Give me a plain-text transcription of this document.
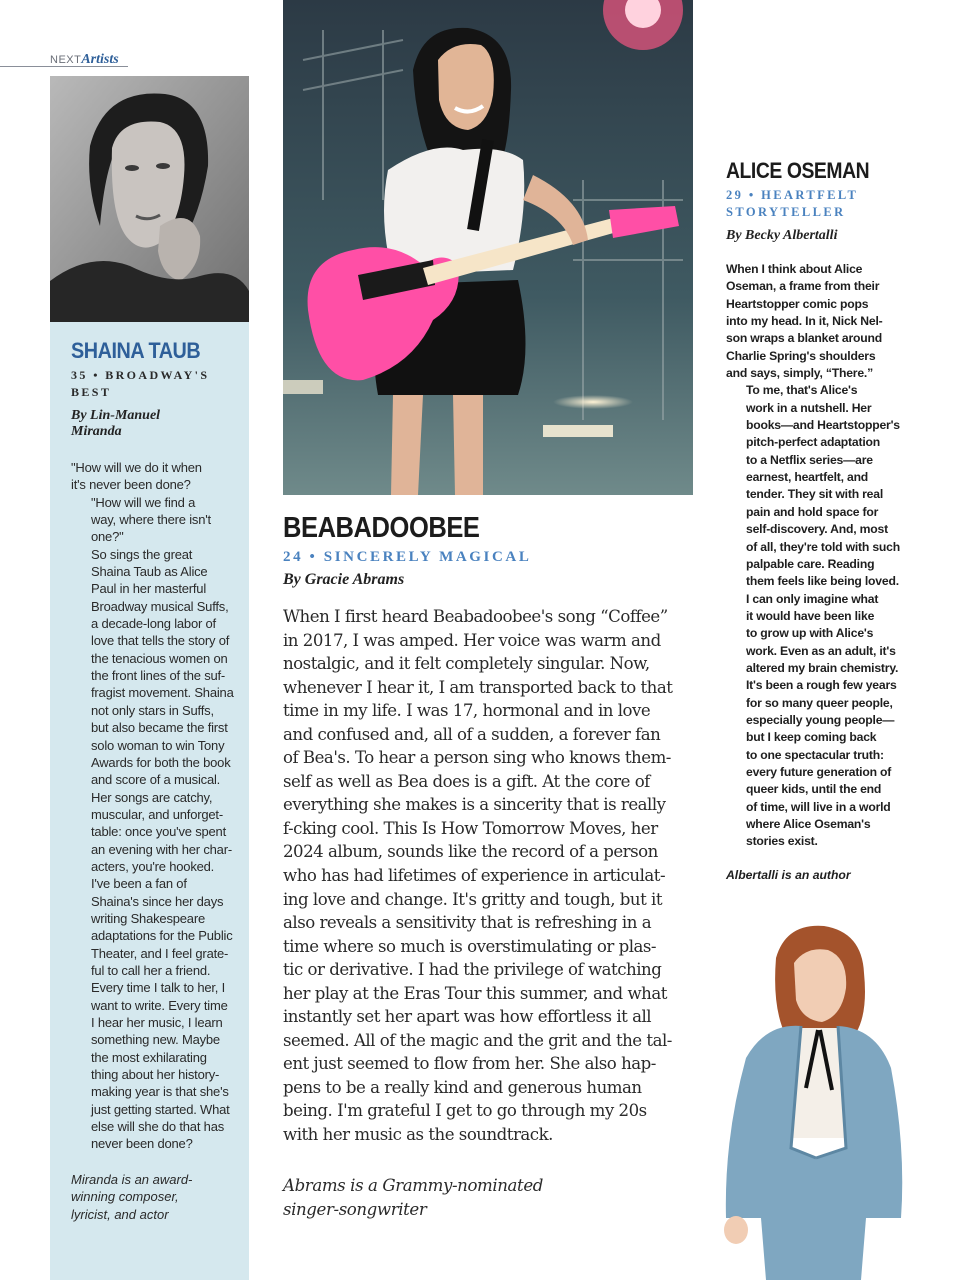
NEXTArtists
SHAINA TAUB
35 • BROADWAY'S
BEST
By Lin-Manuel
Miranda

"How will we do it when
it's never been done?

"How will we find a
way, where there isn't
one?"

So sings the great
Shaina Taub as Alice
Paul in her masterful
Broadway musical Suffs,
a decade-long labor of
love that tells the story of
the tenacious women on
the front lines of the suf-
fragist movement. Shaina
not only stars in Suffs,
but also became the first
solo woman to win Tony
Awards for both the book
and score of a musical.
Her songs are catchy,
muscular, and unforget-
table: once you've spent
an evening with her char-
acters, you're hooked.

I've been a fan of
Shaina's since her days
writing Shakespeare
adaptations for the Public
Theater, and I feel grate-
ful to call her a friend.
Every time I talk to her, I
want to write. Every time
I hear her music, I learn
something new. Maybe
the most exhilarating
thing about her history-
making year is that she's
just getting started. What
else will she do that has
never been done?

Miranda is an award-
winning composer,
lyricist, and actor
BEABADOOBEE
24 • SINCERELY MAGICAL
By Gracie Abrams
When I first heard Beabadoobee's song “Coffee”
in 2017, I was amped. Her voice was warm and
nostalgic, and it felt completely singular. Now,
whenever I hear it, I am transported back to that
time in my life. I was 17, hormonal and in love
and confused and, all of a sudden, a forever fan
of Bea's. To hear a person sing who knows them-
self as well as Bea does is a gift. At the core of
everything she makes is a sincerity that is really
f-cking cool. This Is How Tomorrow Moves, her
2024 album, sounds like the record of a person
who has had lifetimes of experience in articulat-
ing love and change. It's gritty and tough, but it
also reveals a sensitivity that is refreshing in a
time where so much is overstimulating or plas-
tic or derivative. I had the privilege of watching
her play at the Eras Tour this summer, and what
instantly set her apart was how effortless it all
seemed. All of the magic and the grit and the tal-
ent just seemed to flow from her. She also hap-
pens to be a really kind and generous human
being. I'm grateful I get to go through my 20s
with her music as the soundtrack.
Abrams is a Grammy-nominated
singer-songwriter
ALICE OSEMAN
29 • HEARTFELT
STORYTELLER
By Becky Albertalli

When I think about Alice
Oseman, a frame from their
Heartstopper comic pops
into my head. In it, Nick Nel-
son wraps a blanket around
Charlie Spring's shoulders
and says, simply, “There.”

To me, that's Alice's
work in a nutshell. Her
books—and Heartstopper's
pitch-perfect adaptation
to a Netflix series—are
earnest, heartfelt, and
tender. They sit with real
pain and hold space for
self-discovery. And, most
of all, they're told with such
palpable care. Reading
them feels like being loved.

I can only imagine what
it would have been like
to grow up with Alice's
work. Even as an adult, it's
altered my brain chemistry.
It's been a rough few years
for so many queer people,
especially young people—
but I keep coming back
to one spectacular truth:
every future generation of
queer kids, until the end
of time, will live in a world
where Alice Oseman's
stories exist.

Albertalli is an author
